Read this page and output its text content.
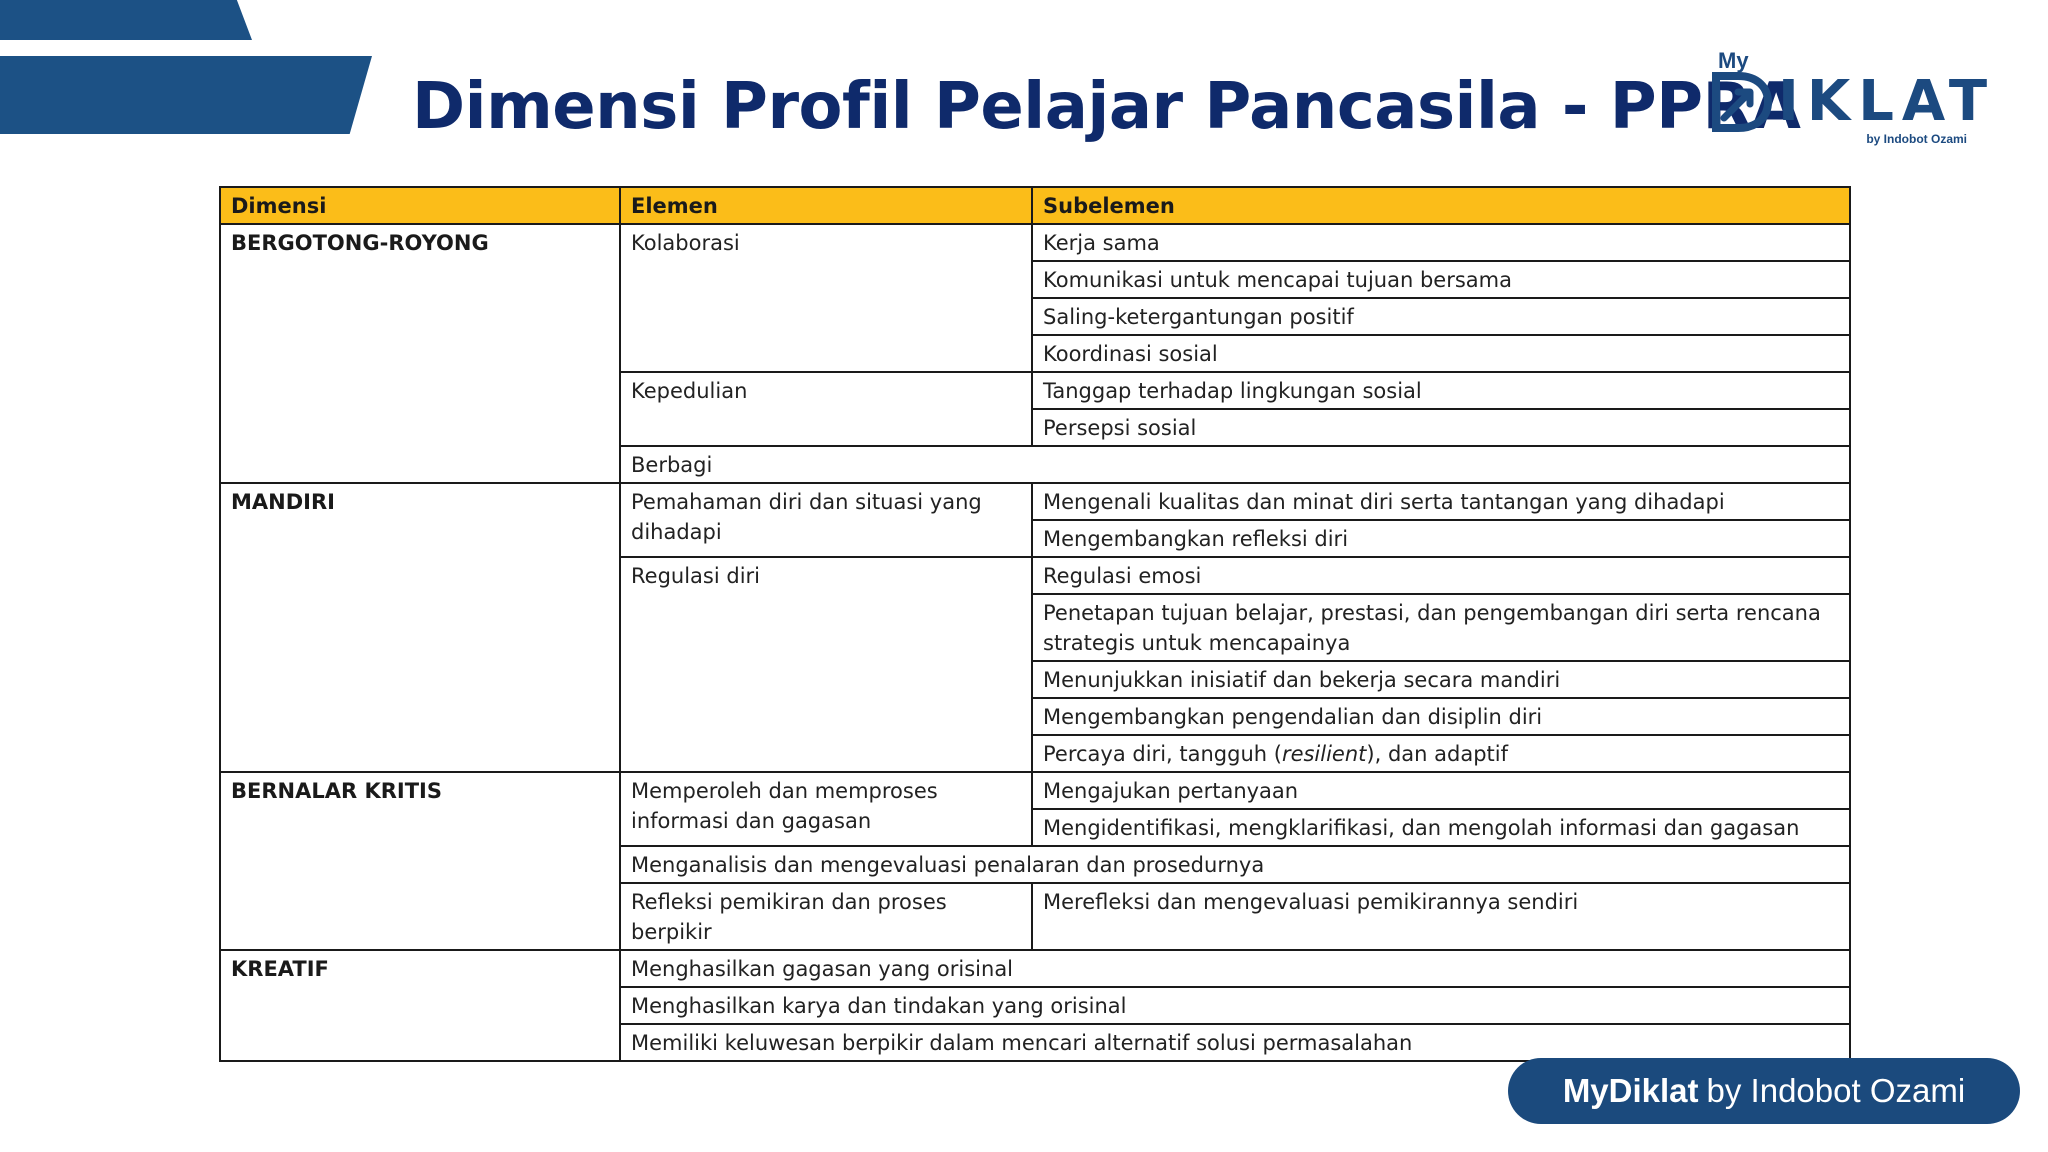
Dimensi Profil Pelajar Pancasila - PPRA
My
IKLAT
by Indobot Ozami
Dimensi	Elemen	Subelemen
BERGOTONG-ROYONG	Kolaborasi	Kerja sama
		Komunikasi untuk mencapai tujuan bersama
		Saling-ketergantungan positif
		Koordinasi sosial
	Kepedulian	Tanggap terhadap lingkungan sosial
		Persepsi sosial
	Berbagi	
MANDIRI	Pemahaman diri dan situasi yang dihadapi	Mengenali kualitas dan minat diri serta tantangan yang dihadapi
		Mengembangkan refleksi diri
	Regulasi diri	Regulasi emosi
		Penetapan tujuan belajar, prestasi, dan pengembangan diri serta rencana strategis untuk mencapainya
		Menunjukkan inisiatif dan bekerja secara mandiri
		Mengembangkan pengendalian dan disiplin diri
		Percaya diri, tangguh (resilient), dan adaptif
BERNALAR KRITIS	Memperoleh dan memproses informasi dan gagasan	Mengajukan pertanyaan
		Mengidentifikasi, mengklarifikasi, dan mengolah informasi dan gagasan
	Menganalisis dan mengevaluasi penalaran dan prosedurnya	
	Refleksi pemikiran dan proses berpikir	Merefleksi dan mengevaluasi pemikirannya sendiri
KREATIF	Menghasilkan gagasan yang orisinal	
	Menghasilkan karya dan tindakan yang orisinal	
	Memiliki keluwesan berpikir dalam mencari alternatif solusi permasalahan	
MyDiklat by Indobot Ozami
